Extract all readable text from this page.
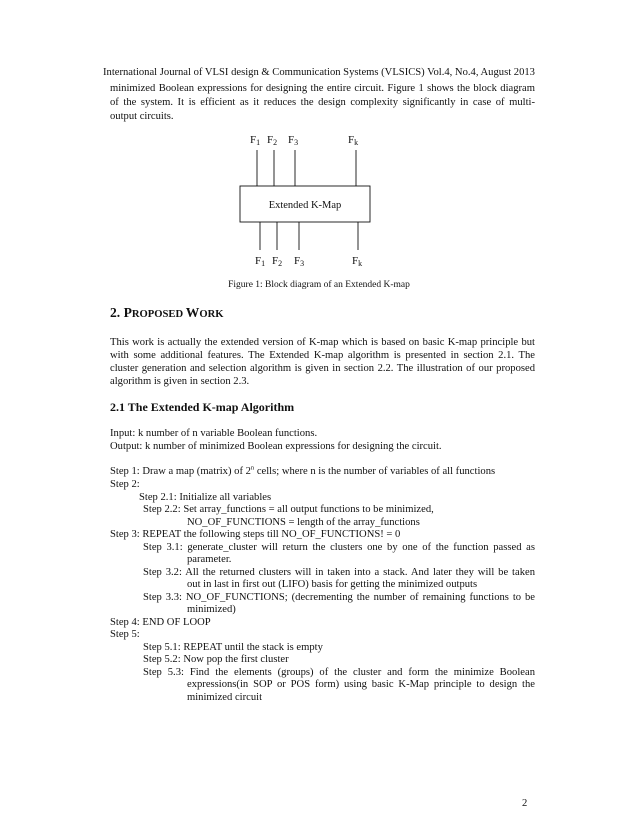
International Journal of VLSI design & Communication Systems (VLSICS) Vol.4, No.4, August 2013
minimized Boolean expressions for designing the entire circuit. Figure 1 shows the block diagram
of the system. It is efficient as it reduces the design complexity significantly in case of multi-
output circuits.
F1 F2 F3	Fk
Extended K-Map
F1 F2 F3	Fk
Figure 1: Block diagram of an Extended K-map
2. PROPOSED WORK
This work is actually the extended version of K-map which is based on basic K-map principle but
with some additional features. The Extended K-map algorithm is presented in section 2.1. The
cluster generation and selection algorithm is given in section 2.2. The illustration of our proposed
algorithm is given in section 2.3.
2.1 The Extended K-map Algorithm
Input: k number of n variable Boolean functions.
Output: k number of minimized Boolean expressions for designing the circuit.
Step 1: Draw a map (matrix) of 2$^n$ cells; where n is the number of variables of all functions
Step 2:
Step 2.1: Initialize all variables
Step 2.2: Set array_functions = all output functions to be minimized,
NO_OF_FUNCTIONS = length of the array_functions
Step 3: REPEAT the following steps till NO_OF_FUNCTIONS! = 0
Step 3.1: generate_cluster will return the clusters one by one of the function passed as
parameter.
Step 3.2: All the returned clusters will in taken into a stack. And later they will be taken
out in last in first out (LIFO) basis for getting the minimized outputs
Step 3.3: NO_OF_FUNCTIONS; (decrementing the number of remaining functions to be
minimized)
Step 4: END OF LOOP
Step 5:
Step 5.1: REPEAT until the stack is empty
Step 5.2: Now pop the first cluster
Step 5.3: Find the elements (groups) of the cluster and form the minimize Boolean
expressions(in SOP or POS form) using basic K-Map principle to design the
minimized circuit
2
